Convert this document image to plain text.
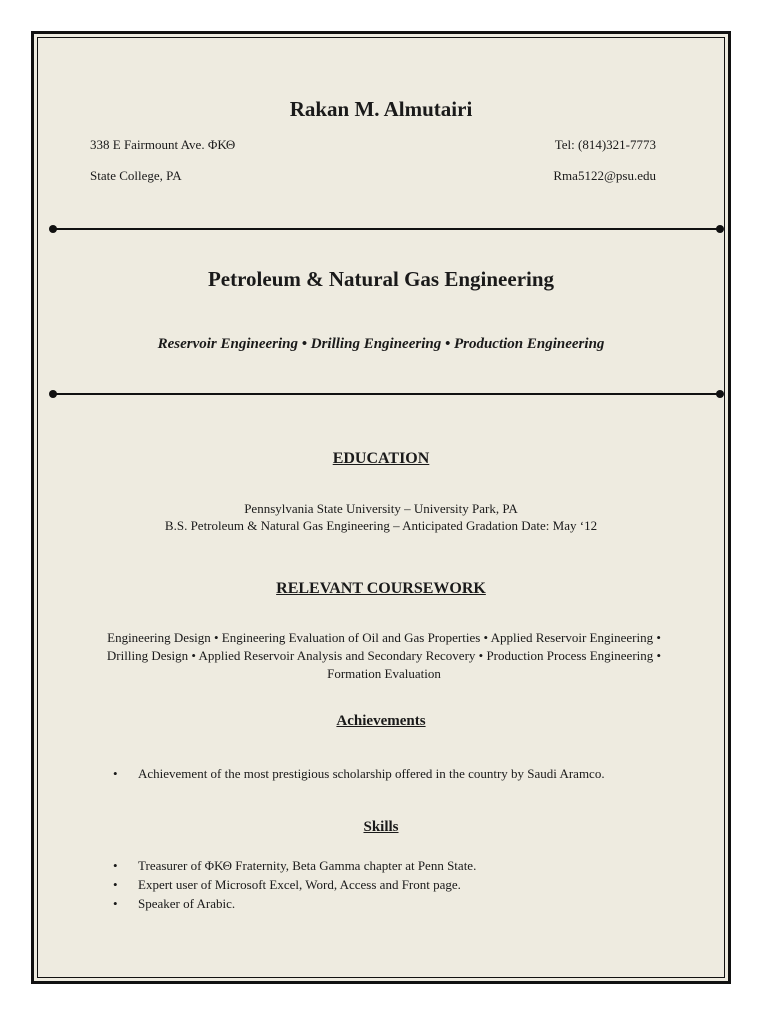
Rakan M. Almutairi
338 E Fairmount Ave. ΦΚΘ
State College, PA
Tel: (814)321-7773
Rma5122@psu.edu
Petroleum & Natural Gas Engineering
Reservoir Engineering • Drilling Engineering • Production Engineering
EDUCATION
Pennsylvania State University – University Park, PA
B.S. Petroleum & Natural Gas Engineering – Anticipated Gradation Date: May ‘12
RELEVANT COURSEWORK
Engineering Design • Engineering Evaluation of Oil and Gas Properties • Applied Reservoir Engineering • Drilling Design • Applied Reservoir Analysis and Secondary Recovery • Production Process Engineering • Formation Evaluation
Achievements
• Achievement of the most prestigious scholarship offered in the country by Saudi Aramco.
Skills
• Treasurer of ΦΚΘ Fraternity, Beta Gamma chapter at Penn State.
• Expert user of Microsoft Excel, Word, Access and Front page.
• Speaker of Arabic.
